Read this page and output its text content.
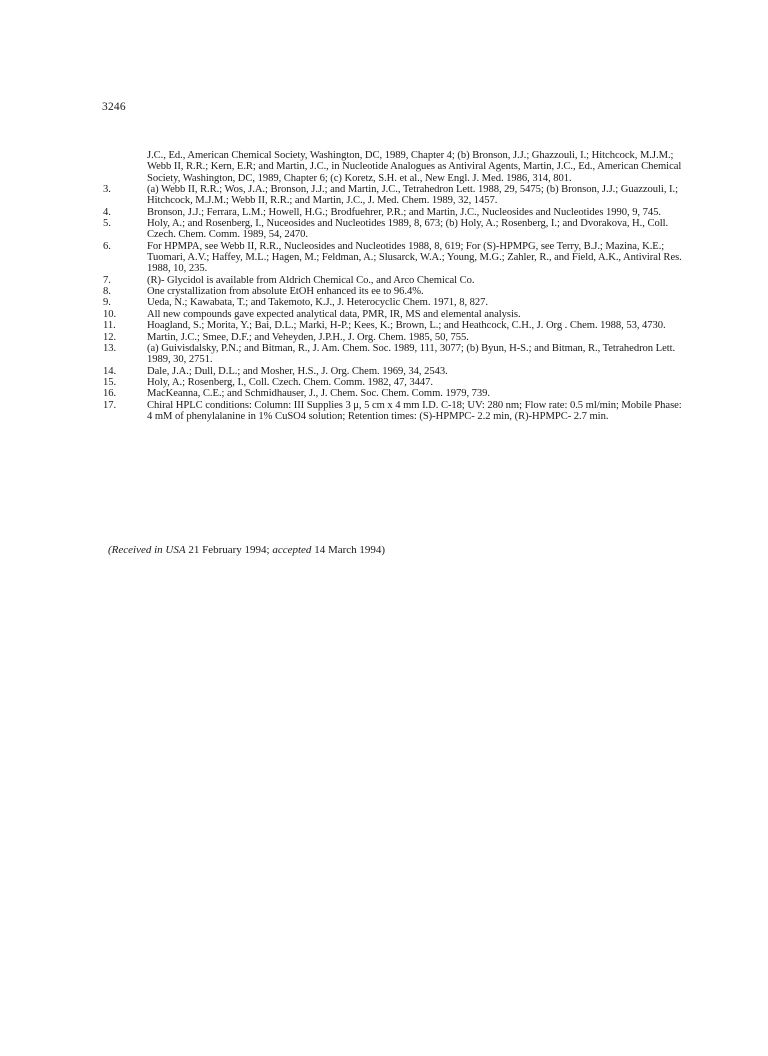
3246
J.C., Ed., American Chemical Society, Washington, DC, 1989, Chapter 4; (b) Bronson, J.J.; Ghazzouli, I.; Hitchcock, M.J.M.; Webb II, R.R.; Kern, E.R; and Martin, J.C., in Nucleotide Analogues as Antiviral Agents, Martin, J.C., Ed., American Chemical Society, Washington, DC, 1989, Chapter 6; (c) Koretz, S.H. et al., New Engl. J. Med. 1986, 314, 801.
3.	(a) Webb II, R.R.; Wos, J.A.; Bronson, J.J.; and Martin, J.C., Tetrahedron Lett. 1988, 29, 5475; (b) Bronson, J.J.; Guazzouli, I.; Hitchcock, M.J.M.; Webb II, R.R.; and Martin, J.C., J. Med. Chem. 1989, 32, 1457.
4.	Bronson, J.J.; Ferrara, L.M.; Howell, H.G.; Brodfuehrer, P.R.; and Martin, J.C., Nucleosides and Nucleotides 1990, 9, 745.
5.	Holy, A.; and Rosenberg, I., Nuceosides and Nucleotides 1989, 8, 673; (b) Holy, A.; Rosenberg, I.; and Dvorakova, H., Coll. Czech. Chem. Comm. 1989, 54, 2470.
6.	For HPMPA, see Webb II, R.R., Nucleosides and Nucleotides 1988, 8, 619; For (S)-HPMPG, see Terry, B.J.; Mazina, K.E.; Tuomari, A.V.; Haffey, M.L.; Hagen, M.; Feldman, A.; Slusarck, W.A.; Young, M.G.; Zahler, R., and Field, A.K., Antiviral Res. 1988, 10, 235.
7.	(R)- Glycidol is available from Aldrich Chemical Co., and Arco Chemical Co.
8.	One crystallization from absolute EtOH enhanced its ee to 96.4%.
9.	Ueda, N.; Kawabata, T.; and Takemoto, K.J., J. Heterocyclic Chem. 1971, 8, 827.
10.	All new compounds gave expected analytical data, PMR, IR, MS and elemental analysis.
11.	Hoagland, S.; Morita, Y.; Bai, D.L.; Marki, H-P.; Kees, K.; Brown, L.; and Heathcock, C.H., J. Org . Chem. 1988, 53, 4730.
12.	Martin, J.C.; Smee, D.F.; and Veheyden, J.P.H., J. Org. Chem. 1985, 50, 755.
13.	(a) Guivisdalsky, P.N.; and Bitman, R., J. Am. Chem. Soc. 1989, 111, 3077; (b) Byun, H-S.; and Bitman, R., Tetrahedron Lett. 1989, 30, 2751.
14.	Dale, J.A.; Dull, D.L.; and Mosher, H.S., J. Org. Chem. 1969, 34, 2543.
15.	Holy, A.; Rosenberg, I., Coll. Czech. Chem. Comm. 1982, 47, 3447.
16.	MacKeanna, C.E.; and Schmidhauser, J., J. Chem. Soc. Chem. Comm. 1979, 739.
17.	Chiral HPLC conditions: Column: III Supplies 3 μ, 5 cm x 4 mm I.D. C-18; UV: 280 nm; Flow rate: 0.5 ml/min; Mobile Phase: 4 mM of phenylalanine in 1% CuSO4 solution; Retention times: (S)-HPMPC- 2.2 min, (R)-HPMPC- 2.7 min.
(Received in USA 21 February 1994; accepted 14 March 1994)
